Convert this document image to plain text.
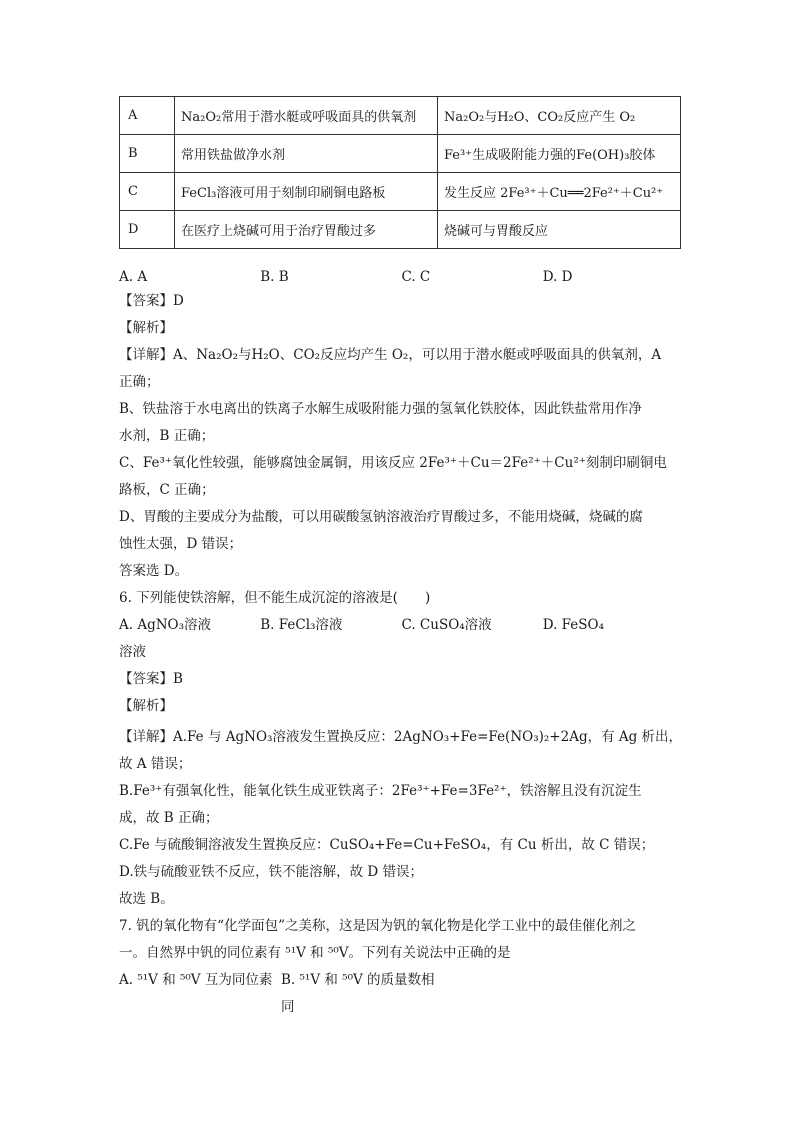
A	Na₂O₂常用于潜水艇或呼吸面具的供氧剂	Na₂O₂与H₂O、CO₂反应产生 O₂
B	常用铁盐做净水剂	Fe³⁺生成吸附能力强的Fe(OH)₃胶体
C	FeCl₃溶液可用于刻制印刷铜电路板	发生反应 2Fe³⁺＋Cu══2Fe²⁺＋Cu²⁺
D	在医疗上烧碱可用于治疗胃酸过多	烧碱可与胃酸反应
A. A	B. B	C. C	D. D

【答案】D

【解析】

【详解】A、Na₂O₂与H₂O、CO₂反应均产生 O₂，可以用于潜水艇或呼吸面具的供氧剂，A

正确；

B、铁盐溶于水电离出的铁离子水解生成吸附能力强的氢氧化铁胶体，因此铁盐常用作净

水剂，B 正确；

C、Fe³⁺氧化性较强，能够腐蚀金属铜，用该反应 2Fe³⁺＋Cu＝2Fe²⁺＋Cu²⁺刻制印刷铜电

路板，C 正确；

D、胃酸的主要成分为盐酸，可以用碳酸氢钠溶液治疗胃酸过多，不能用烧碱，烧碱的腐

蚀性太强，D 错误；

答案选 D。

6. 下列能使铁溶解，但不能生成沉淀的溶液是(　　)

A. AgNO₃溶液	B. FeCl₃溶液	C. CuSO₄溶液	D. FeSO₄

溶液

【答案】B

【解析】

【详解】A.Fe 与 AgNO₃溶液发生置换反应：2AgNO₃+Fe=Fe(NO₃)₂+2Ag，有 Ag 析出，

故 A 错误；

B.Fe³⁺有强氧化性，能氧化铁生成亚铁离子：2Fe³⁺+Fe=3Fe²⁺，铁溶解且没有沉淀生

成，故 B 正确；

C.Fe 与硫酸铜溶液发生置换反应：CuSO₄+Fe=Cu+FeSO₄，有 Cu 析出，故 C 错误；

D.铁与硫酸亚铁不反应，铁不能溶解，故 D 错误；

故选 B。

7. 钒的氧化物有“化学面包”之美称，这是因为钒的氧化物是化学工业中的最佳催化剂之

一。自然界中钒的同位素有 ⁵¹V 和 ⁵⁰V。下列有关说法中正确的是

A. ⁵¹V 和 ⁵⁰V 互为同位素 B. ⁵¹V 和 ⁵⁰V 的质量数相同
